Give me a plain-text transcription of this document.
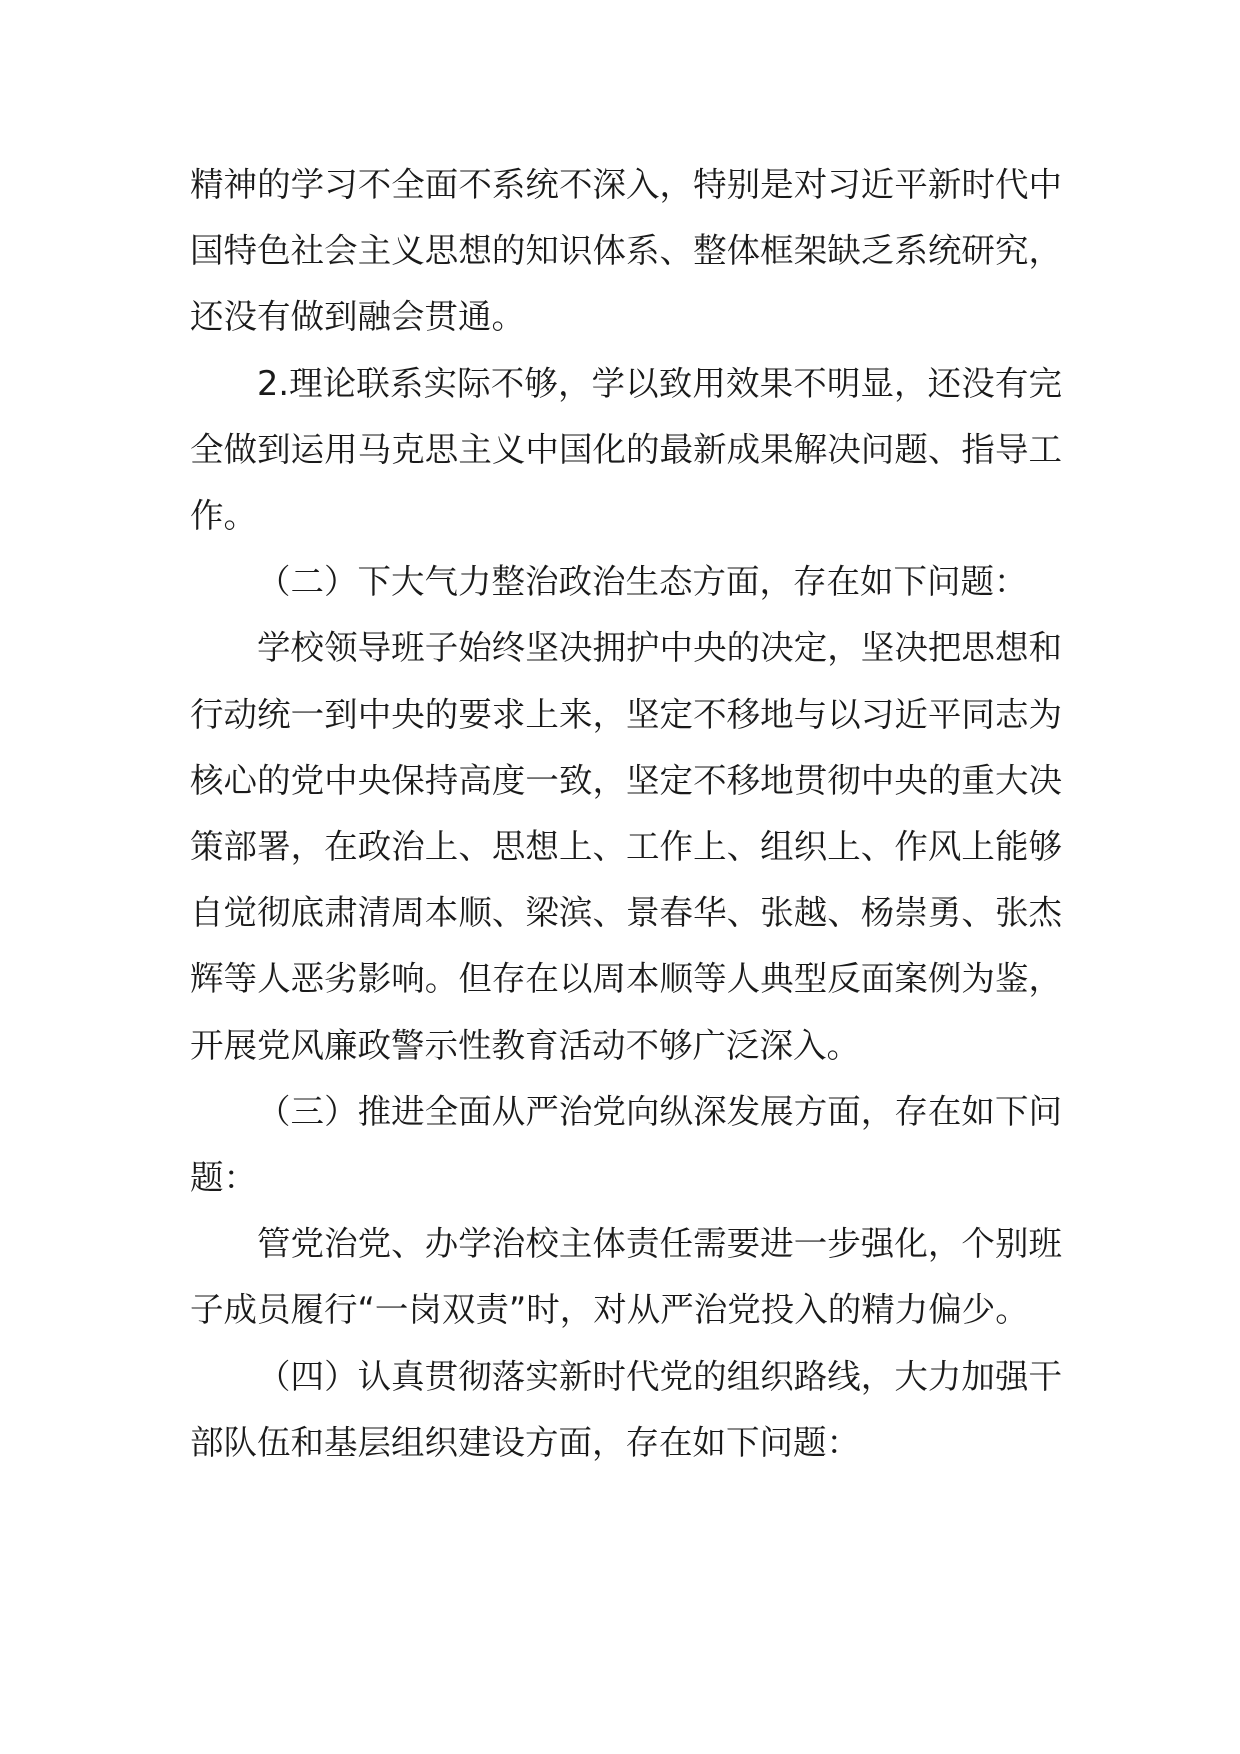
精神的学习不全面不系统不深入，特别是对习近平新时代中国特色社会主义思想的知识体系、整体框架缺乏系统研究，还没有做到融会贯通。

2.理论联系实际不够，学以致用效果不明显，还没有完全做到运用马克思主义中国化的最新成果解决问题、指导工作。

（二）下大气力整治政治生态方面，存在如下问题：

学校领导班子始终坚决拥护中央的决定，坚决把思想和行动统一到中央的要求上来，坚定不移地与以习近平同志为核心的党中央保持高度一致，坚定不移地贯彻中央的重大决策部署，在政治上、思想上、工作上、组织上、作风上能够自觉彻底肃清周本顺、梁滨、景春华、张越、杨崇勇、张杰辉等人恶劣影响。但存在以周本顺等人典型反面案例为鉴，开展党风廉政警示性教育活动不够广泛深入。

（三）推进全面从严治党向纵深发展方面，存在如下问题：

管党治党、办学治校主体责任需要进一步强化，个别班子成员履行“一岗双责”时，对从严治党投入的精力偏少。

（四）认真贯彻落实新时代党的组织路线，大力加强干部队伍和基层组织建设方面，存在如下问题：
